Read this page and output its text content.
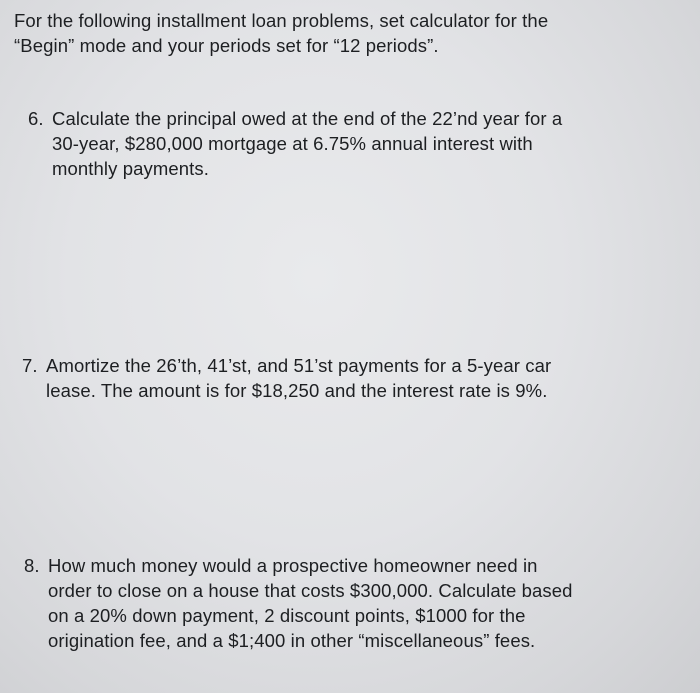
For the following installment loan problems, set calculator for the
“Begin” mode and your periods set for “12 periods”.
6. Calculate the principal owed at the end of the 22’nd year for a
30-year, $280,000 mortgage at 6.75% annual interest with
monthly payments.
7. Amortize the 26’th, 41’st, and 51’st payments for a 5-year car
lease. The amount is for $18,250 and the interest rate is 9%.
8. How much money would a prospective homeowner need in
order to close on a house that costs $300,000. Calculate based
on a 20% down payment, 2 discount points, $1000 for the
origination fee, and a $1;400 in other “miscellaneous” fees.
